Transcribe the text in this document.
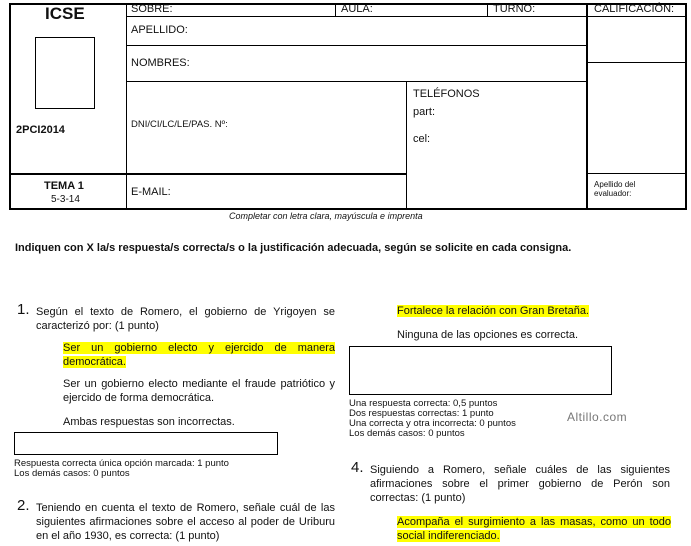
ICSE
2PCI2014
TEMA 1
5-3-14
SOBRE:	AULA:	TURNO:	CALIFICACIÓN:
APELLIDO:
NOMBRES:
DNI/CI/LC/LE/PAS. Nº:
TELÉFONOS
part:
cel:
E-MAIL:
Apellido del
evaluador:
Completar con letra clara, mayúscula e imprenta
Indiquen con X la/s respuesta/s correcta/s o la justificación adecuada, según se solicite en cada consigna.
1. Según el texto de Romero, el gobierno de Yrigoyen se caracterizó por: (1 punto)
Ser un gobierno electo y ejercido de manera democrática.
Ser un gobierno electo mediante el fraude patriótico y ejercido de forma democrática.
Ambas respuestas son incorrectas.
Respuesta correcta única opción marcada: 1 punto
Los demás casos: 0 puntos
2. Teniendo en cuenta el texto de Romero, señale cuál de las siguientes afirmaciones sobre el acceso al poder de Uriburu en el año 1930, es correcta: (1 punto)
Fortalece la relación con Gran Bretaña.
Ninguna de las opciones es correcta.
Una respuesta correcta: 0,5 puntos
Dos respuestas correctas: 1 punto
Una correcta y otra incorrecta: 0 puntos
Los demás casos: 0 puntos
Altillo.com
4. Siguiendo a Romero, señale cuáles de las siguientes afirmaciones sobre el primer gobierno de Perón son correctas: (1 punto)
Acompaña el surgimiento a las masas, como un todo social indiferenciado.
